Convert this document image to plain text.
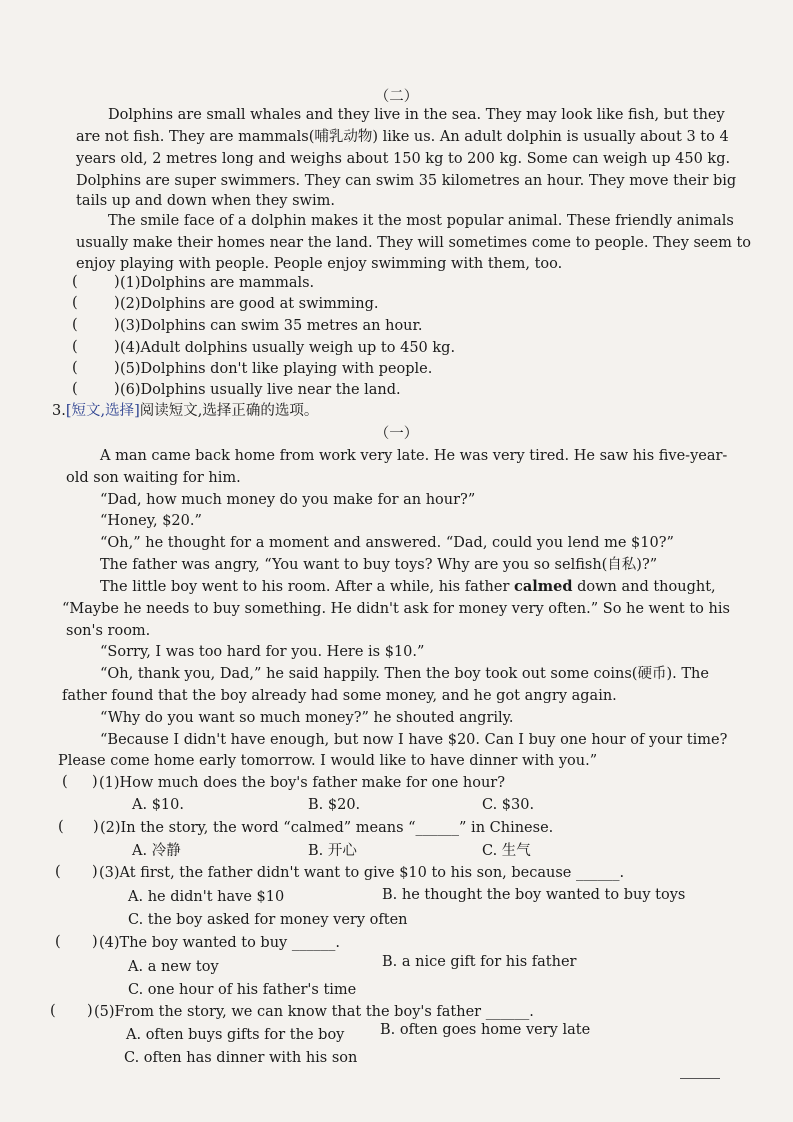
（二）
Dolphins are small whales and they live in the sea. They may look like fish, but they
are not fish. They are mammals(哺乳动物) like us. An adult dolphin is usually about 3 to 4
years old, 2 metres long and weighs about 150 kg to 200 kg. Some can weigh up 450 kg.
Dolphins are super swimmers. They can swim 35 kilometres an hour. They move their big
tails up and down when they swim.
The smile face of a dolphin makes it the most popular animal. These friendly animals
usually make their homes near the land. They will sometimes come to people. They seem to
enjoy playing with people. People enjoy swimming with them, too.
(	) (1)Dolphins are mammals.
(	) (2)Dolphins are good at swimming.
(	) (3)Dolphins can swim 35 metres an hour.
(	) (4)Adult dolphins usually weigh up to 450 kg.
(	) (5)Dolphins don't like playing with people.
(	) (6)Dolphins usually live near the land.
3.[短文,选择]阅读短文,选择正确的选项。
（一）
A man came back home from work very late. He was very tired. He saw his five-year-
old son waiting for him.
“Dad, how much money do you make for an hour?”
“Honey, $20.”
“Oh,” he thought for a moment and answered. “Dad, could you lend me $10?”
The father was angry, “You want to buy toys? Why are you so selfish(自私)?”
The little boy went to his room. After a while, his father calmed down and thought,
“Maybe he needs to buy something. He didn't ask for money very often.” So he went to his
son's room.
“Sorry, I was too hard for you. Here is $10.”
“Oh, thank you, Dad,” he said happily. Then the boy took out some coins(硬币). The
father found that the boy already had some money, and he got angry again.
“Why do you want so much money?” he shouted angrily.
“Because I didn't have enough, but now I have $20. Can I buy one hour of your time?
Please come home early tomorrow. I would like to have dinner with you.”
( ) (1)How much does the boy's father make for one hour?
A. $10.	B. $20.	C. $30.
( ) (2)In the story, the word “calmed” means “______” in Chinese.
A. 冷静	B. 开心	C. 生气
( ) (3)At first, the father didn't want to give $10 to his son, because ______.
A. he didn't have $10	B. he thought the boy wanted to buy toys
C. the boy asked for money very often
( ) (4)The boy wanted to buy ______.
A. a new toy	B. a nice gift for his father
C. one hour of his father's time
( ) (5)From the story, we can know that the boy's father ______.
A. often buys gifts for the boy B. often goes home very late
C. often has dinner with his son
